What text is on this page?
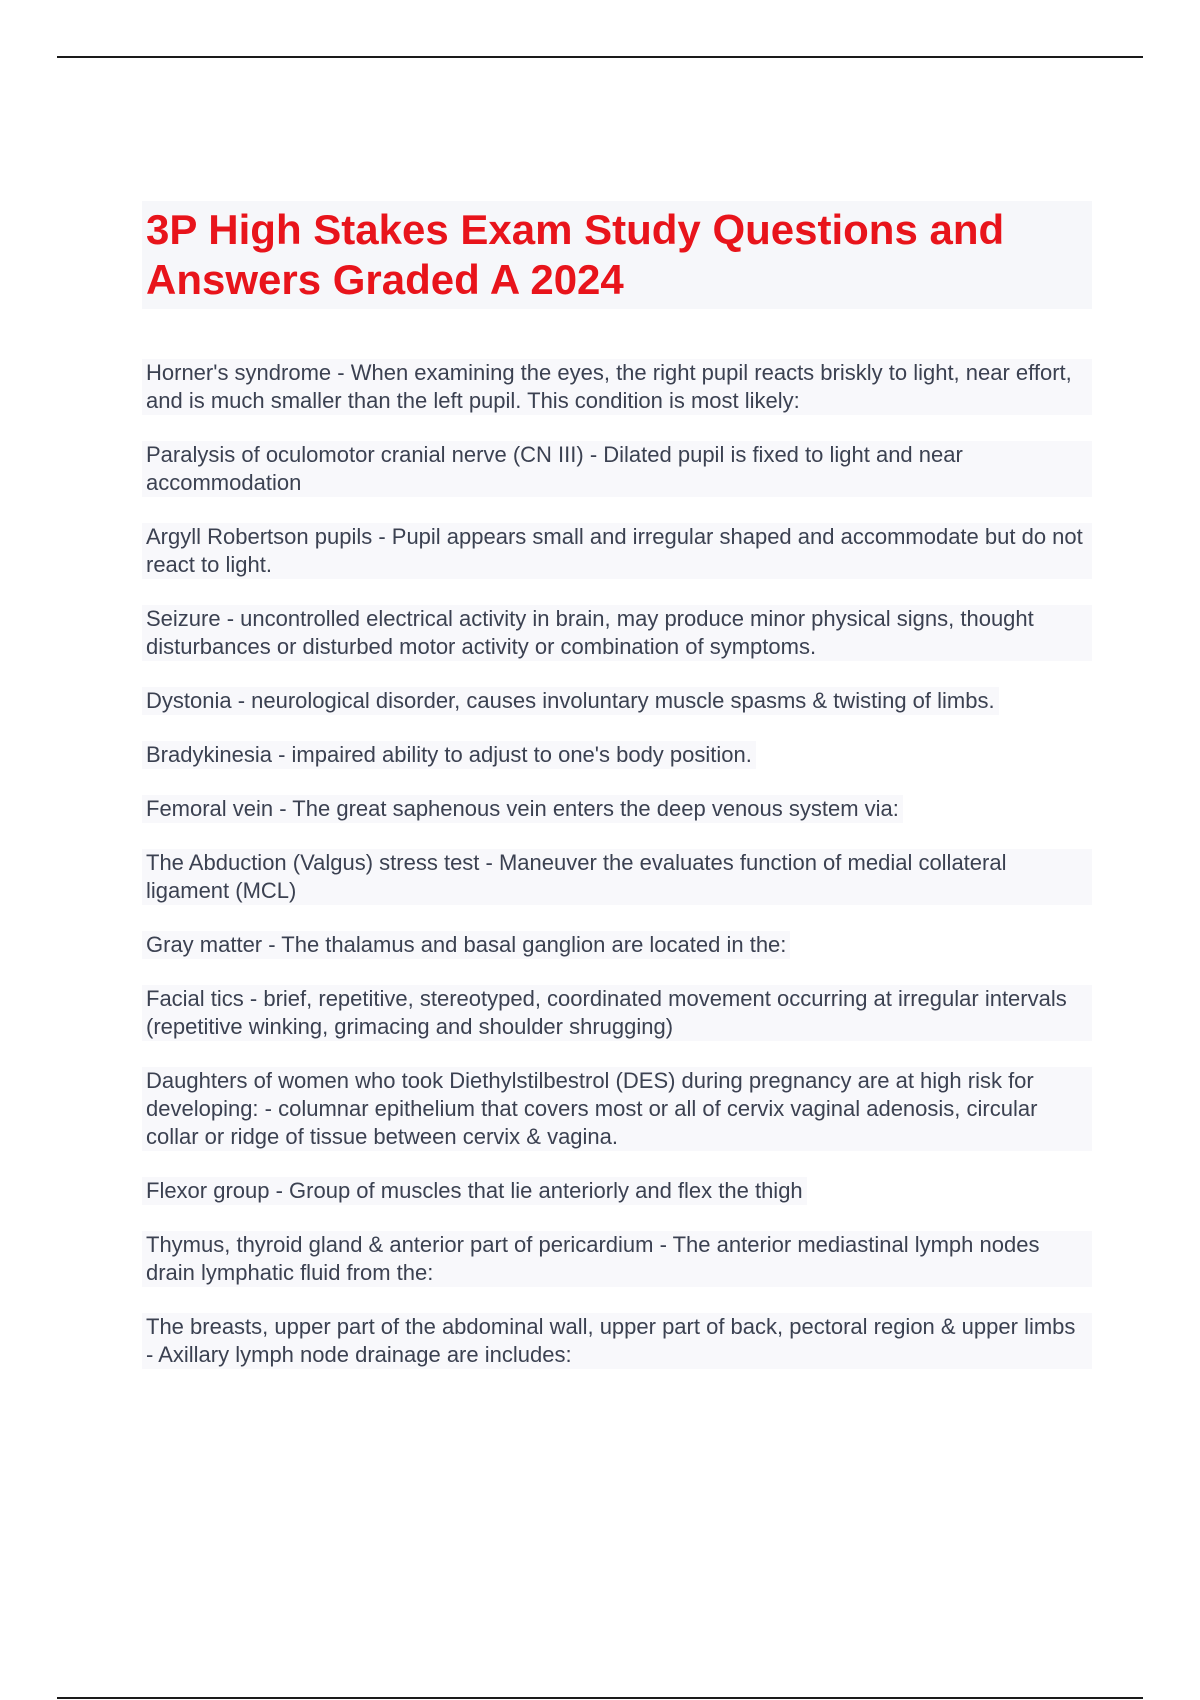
3P High Stakes Exam Study Questions and Answers Graded A 2024
Horner's syndrome - When examining the eyes, the right pupil reacts briskly to light, near effort, and is much smaller than the left pupil. This condition is most likely:
Paralysis of oculomotor cranial nerve (CN III) - Dilated pupil is fixed to light and near accommodation
Argyll Robertson pupils - Pupil appears small and irregular shaped and accommodate but do not react to light.
Seizure - uncontrolled electrical activity in brain, may produce minor physical signs, thought disturbances or disturbed motor activity or combination of symptoms.
Dystonia - neurological disorder, causes involuntary muscle spasms & twisting of limbs.
Bradykinesia - impaired ability to adjust to one's body position.
Femoral vein - The great saphenous vein enters the deep venous system via:
The Abduction (Valgus) stress test - Maneuver the evaluates function of medial collateral ligament (MCL)
Gray matter - The thalamus and basal ganglion are located in the:
Facial tics - brief, repetitive, stereotyped, coordinated movement occurring at irregular intervals (repetitive winking, grimacing and shoulder shrugging)
Daughters of women who took Diethylstilbestrol (DES) during pregnancy are at high risk for developing: - columnar epithelium that covers most or all of cervix vaginal adenosis, circular collar or ridge of tissue between cervix & vagina.
Flexor group - Group of muscles that lie anteriorly and flex the thigh
Thymus, thyroid gland & anterior part of pericardium - The anterior mediastinal lymph nodes drain lymphatic fluid from the:
The breasts, upper part of the abdominal wall, upper part of back, pectoral region & upper limbs - Axillary lymph node drainage are includes:
